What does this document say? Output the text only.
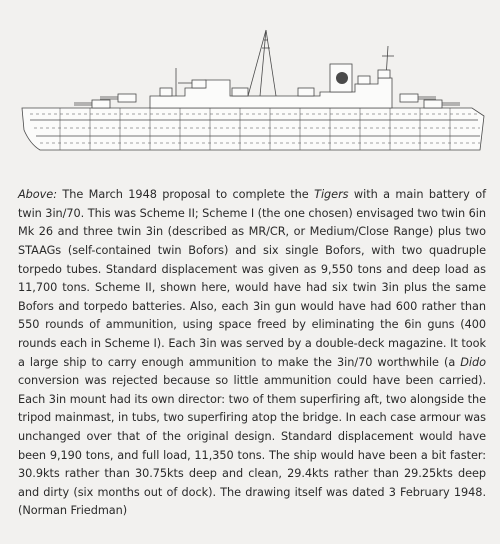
Above: The March 1948 proposal to complete the Tigers with a main battery of twin 3in/70. This was Scheme II; Scheme I (the one chosen) envisaged two twin 6in Mk 26 and three twin 3in (described as MR/CR, or Medium/Close Range) plus two STAAGs (self-contained twin Bofors) and six single Bofors, with two quadruple torpedo tubes. Standard displacement was given as 9,550 tons and deep load as 11,700 tons. Scheme II, shown here, would have had six twin 3in plus the same Bofors and torpedo batteries. Also, each 3in gun would have had 600 rather than 550 rounds of ammunition, using space freed by eliminating the 6in guns (400 rounds each in Scheme I). Each 3in was served by a double-deck magazine. It took a large ship to carry enough ammunition to make the 3in/70 worthwhile (a Dido conversion was rejected because so little ammunition could have been carried). Each 3in mount had its own director: two of them superfiring aft, two alongside the tripod mainmast, in tubs, two superfiring atop the bridge. In each case armour was unchanged over that of the original design. Standard displacement would have been 9,190 tons, and full load, 11,350 tons. The ship would have been a bit faster: 30.9kts rather than 30.75kts deep and clean, 29.4kts rather than 29.25kts deep and dirty (six months out of dock). The drawing itself was dated 3 February 1948. (Norman Friedman)
